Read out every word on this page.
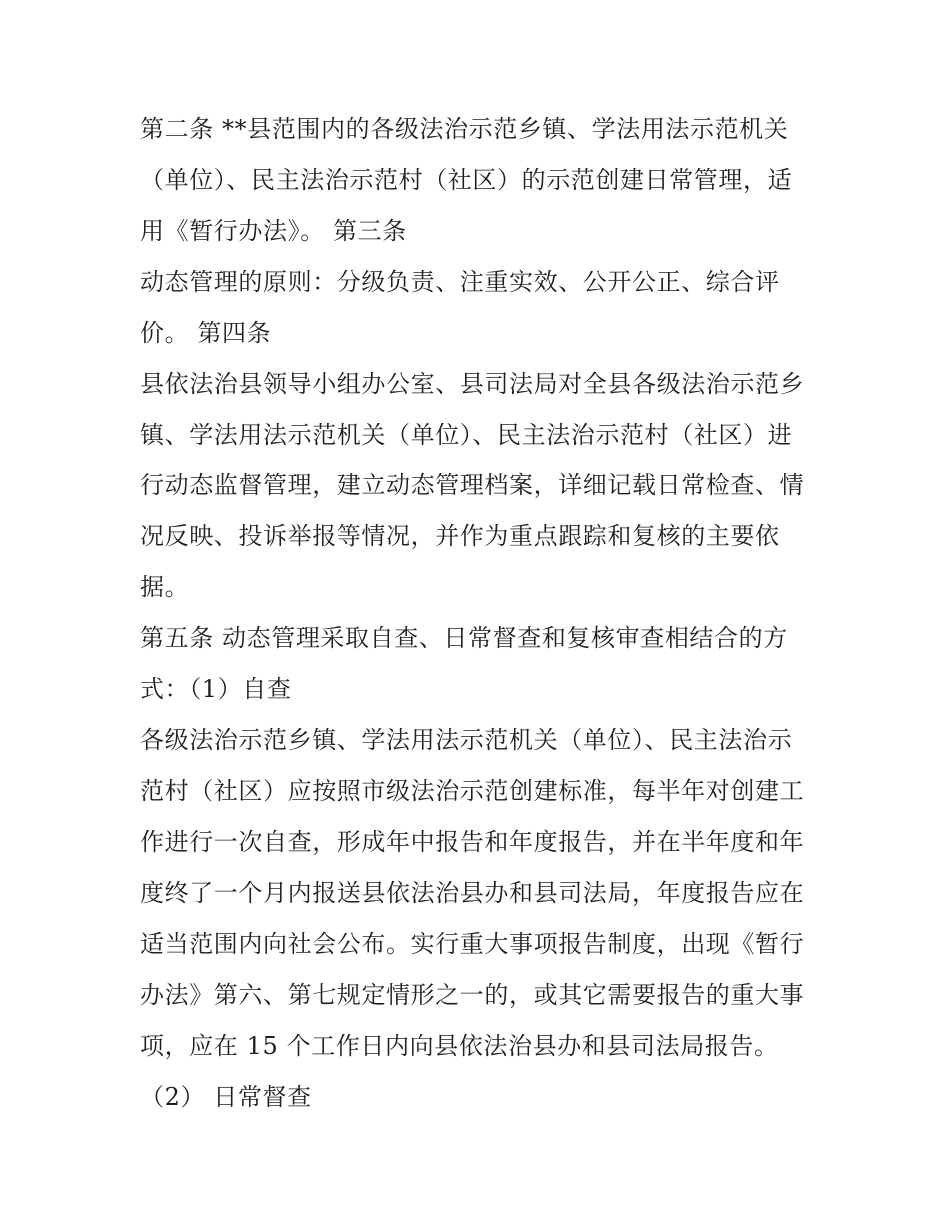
第二条 **县范围内的各级法治示范乡镇、学法用法示范机关
（单位）、民主法治示范村（社区）的示范创建日常管理，适
用《暂行办法》。 第三条
动态管理的原则：分级负责、注重实效、公开公正、综合评
价。 第四条
县依法治县领导小组办公室、县司法局对全县各级法治示范乡
镇、学法用法示范机关（单位）、民主法治示范村（社区）进
行动态监督管理，建立动态管理档案，详细记载日常检查、情
况反映、投诉举报等情况，并作为重点跟踪和复核的主要依
据。
第五条 动态管理采取自查、日常督查和复核审查相结合的方
式：（1）自查
各级法治示范乡镇、学法用法示范机关（单位）、民主法治示
范村（社区）应按照市级法治示范创建标准，每半年对创建工
作进行一次自查，形成年中报告和年度报告，并在半年度和年
度终了一个月内报送县依法治县办和县司法局，年度报告应在
适当范围内向社会公布。实行重大事项报告制度，出现《暂行
办法》第六、第七规定情形之一的，或其它需要报告的重大事
项，应在 15 个工作日内向县依法治县办和县司法局报告。
（2） 日常督查
